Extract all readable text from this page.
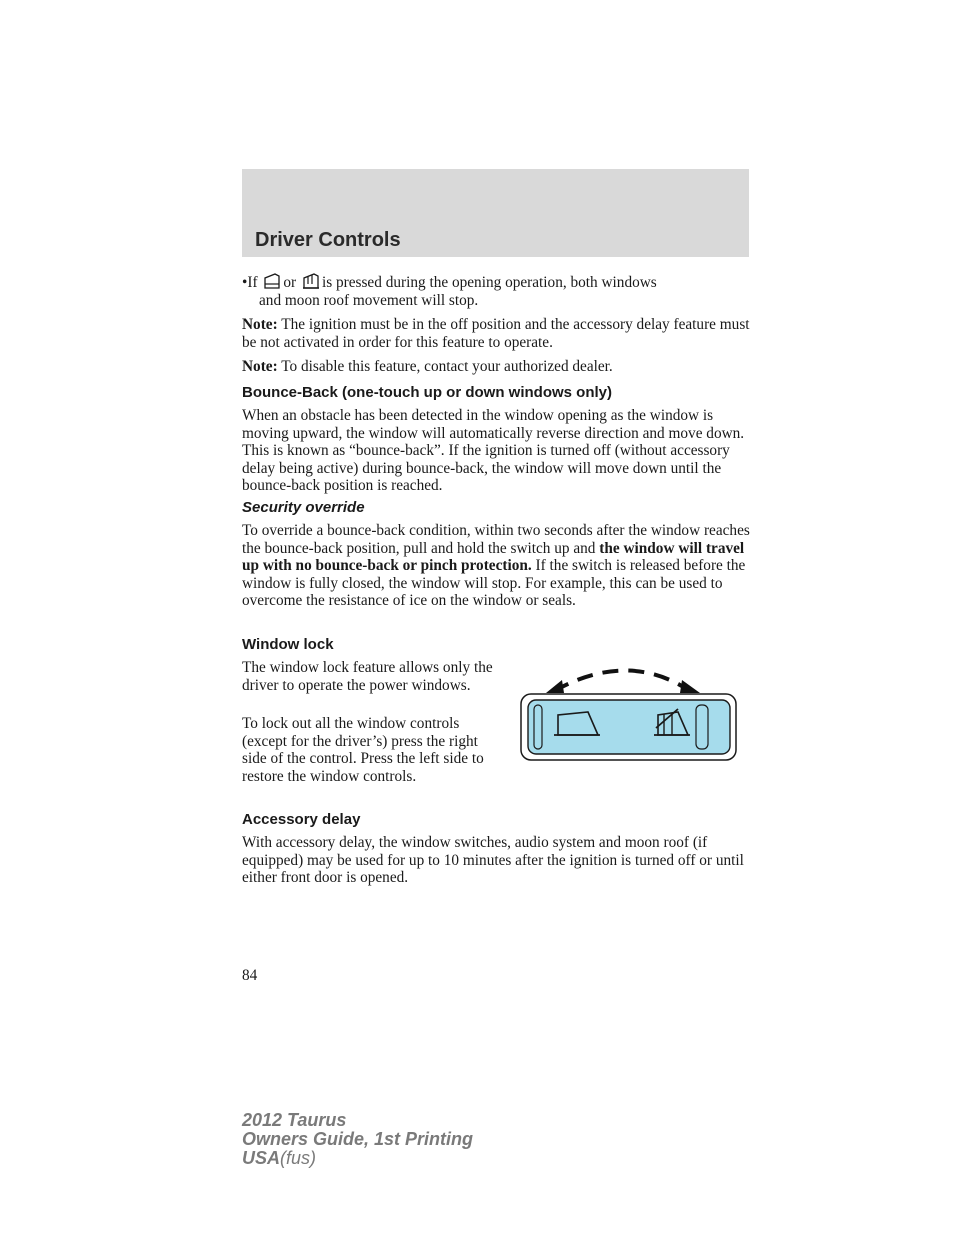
Driver Controls
•If or is pressed during the opening operation, both windows
and moon roof movement will stop.
Note: The ignition must be in the off position and the accessory delay feature must be not activated in order for this feature to operate.
Note: To disable this feature, contact your authorized dealer.
Bounce-Back (one-touch up or down windows only)
When an obstacle has been detected in the window opening as the window is moving upward, the window will automatically reverse direction and move down. This is known as “bounce-back”. If the ignition is turned off (without accessory delay being active) during bounce-back, the window will move down until the bounce-back position is reached.
Security override
To override a bounce-back condition, within two seconds after the window reaches the bounce-back position, pull and hold the switch up and the window will travel up with no bounce-back or pinch protection. If the switch is released before the window is fully closed, the window will stop. For example, this can be used to overcome the resistance of ice on the window or seals.
Window lock
The window lock feature allows only the driver to operate the power windows.
To lock out all the window controls (except for the driver’s) press the right side of the control. Press the left side to restore the window controls.
Accessory delay
With accessory delay, the window switches, audio system and moon roof (if equipped) may be used for up to 10 minutes after the ignition is turned off or until either front door is opened.
84
2012 Taurus
Owners Guide, 1st Printing
USA(fus)
